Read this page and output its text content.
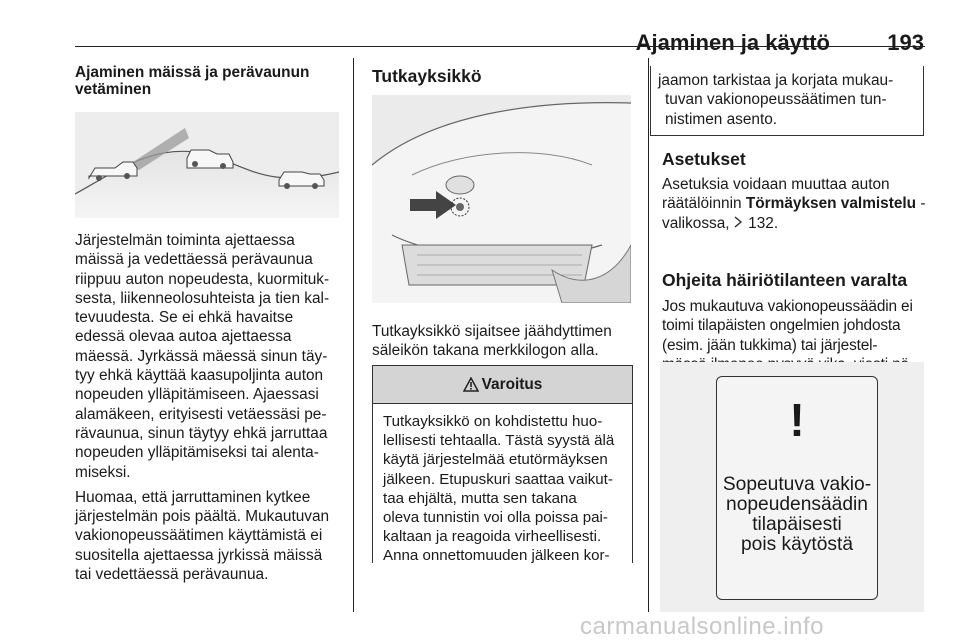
Ajaminen ja käyttö	193
Ajaminen mäissä ja perävaunun
vetäminen

Järjestelmän toiminta ajettaessa
mäissä ja vedettäessä perävaunua
riippuu auton nopeudesta, kuormituk-
sesta, liikenneolosuhteista ja tien kal-
tevuudesta. Se ei ehkä havaitse
edessä olevaa autoa ajettaessa
mäessä. Jyrkässä mäessä sinun täy-
tyy ehkä käyttää kaasupoljinta auton
nopeuden ylläpitämiseen. Ajaessasi
alamäkeen, erityisesti vetäessäsi pe-
rävaunua, sinun täytyy ehkä jarruttaa
nopeuden ylläpitämiseksi tai alenta-
miseksi.

Huomaa, että jarruttaminen kytkee
järjestelmän pois päältä. Mukautuvan
vakionopeussäätimen käyttämistä ei
suositella ajettaessa jyrkissä mäissä
tai vedettäessä perävaunua.

Tutkayksikkö
Tutkayksikkö sijaitsee jäähdyttimen
säleikön takana merkkilogon alla.
Varoitus
Tutkayksikkö on kohdistettu huo-
lellisesti tehtaalla. Tästä syystä älä
käytä järjestelmää etutörmäyksen
jälkeen. Etupuskuri saattaa vaikut-
taa ehjältä, mutta sen takana
oleva tunnistin voi olla poissa pai-
kaltaan ja reagoida virheellisesti.
Anna onnettomuuden jälkeen kor-
jaamon tarkistaa ja korjata mukau-
tuvan vakionopeussäätimen tun-
nistimen asento.
Asetukset
Asetuksia voidaan muuttaa auton
räätälöinnin Törmäyksen valmistelu -
valikossa,  132.
Ohjeita häiriötilanteen varalta
Jos mukautuva vakionopeussäädin ei
toimi tilapäisten ongelmien johdosta
(esim. jään tukkima) tai järjestel-

!
Sopeutuva vakio-
nopeudensäädin
tilapäisesti
pois käytöstä
carmanualsonline.info
